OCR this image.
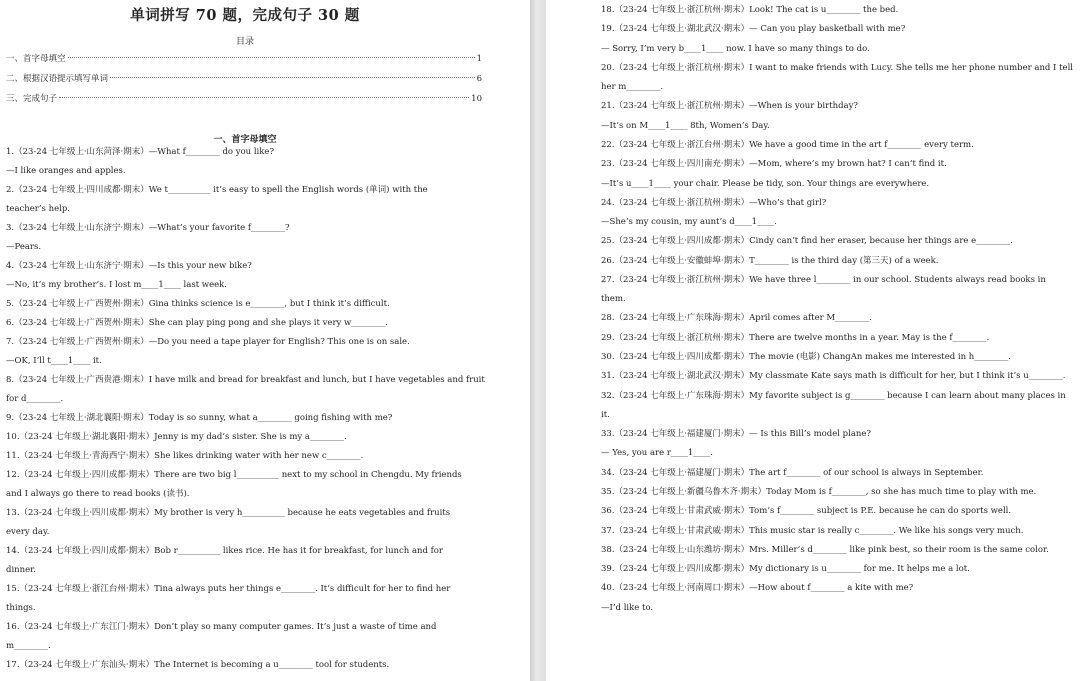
单词拼写 70 题，完成句子 30 题
目录
一、首字母填空	1
二、根据汉语提示填写单词	6
三、完成句子	10
一、首字母填空
1.（23-24 七年级上·山东菏泽·期末）—What f________ do you like?
—I like oranges and apples.
2.（23-24 七年级上·四川成都·期末）We t__________ it’s easy to spell the English words (单词) with the
teacher’s help.
3.（23-24 七年级上·山东济宁·期末）—What’s your favorite f________?
—Pears.
4.（23-24 七年级上·山东济宁·期末）—Is this your new bike?
—No, it’s my brother’s. I lost m____1____ last week.
5.（23-24 七年级上·广西贺州·期末）Gina thinks science is e________, but I think it’s difficult.
6.（23-24 七年级上·广西贺州·期末）She can play ping pong and she plays it very w________.
7.（23-24 七年级上·广西贺州·期末）—Do you need a tape player for English? This one is on sale.
—OK, I’ll t____1____ it.
8.（23-24 七年级上·广西贵港·期末）I have milk and bread for breakfast and lunch, but I have vegetables and fruit
for d________.
9.（23-24 七年级上·湖北襄阳·期末）Today is so sunny, what a________ going fishing with me?
10.（23-24 七年级上·湖北襄阳·期末）Jenny is my dad’s sister. She is my a________.
11.（23-24 七年级上·青海西宁·期末）She likes drinking water with her new c________.
12.（23-24 七年级上·四川成都·期末）There are two big l__________ next to my school in Chengdu. My friends
and I always go there to read books (读书).
13.（23-24 七年级上·四川成都·期末）My brother is very h__________ because he eats vegetables and fruits
every day.
14.（23-24 七年级上·四川成都·期末）Bob r__________ likes rice. He has it for breakfast, for lunch and for
dinner.
15.（23-24 七年级上·浙江台州·期末）Tina always puts her things e________. It’s difficult for her to find her
things.
16.（23-24 七年级上·广东江门·期末）Don’t play so many computer games. It’s just a waste of time and
m________.
17.（23-24 七年级上·广东汕头·期末）The Internet is becoming a u________ tool for students.
18.（23-24 七年级上·浙江杭州·期末）Look! The cat is u________ the bed.
19.（23-24 七年级上·湖北武汉·期末）— Can you play basketball with me?
— Sorry, I’m very b____1____ now. I have so many things to do.
20.（23-24 七年级上·浙江杭州·期末）I want to make friends with Lucy. She tells me her phone number and I tell
her m________.
21.（23-24 七年级上·浙江杭州·期末）—When is your birthday?
—It’s on M____1____ 8th, Women’s Day.
22.（23-24 七年级上·浙江台州·期末）We have a good time in the art f________ every term.
23.（23-24 七年级上·四川南充·期末）—Mom, where’s my brown hat? I can’t find it.
—It’s u____1____ your chair. Please be tidy, son. Your things are everywhere.
24.（23-24 七年级上·浙江杭州·期末）—Who’s that girl?
—She’s my cousin, my aunt’s d____1____.
25.（23-24 七年级上·四川成都·期末）Cindy can’t find her eraser, because her things are e________.
26.（23-24 七年级上·安徽蚌埠·期末）T________ is the third day (第三天) of a week.
27.（23-24 七年级上·浙江杭州·期末）We have three l________ in our school. Students always read books in
them.
28.（23-24 七年级上·广东珠海·期末）April comes after M________.
29.（23-24 七年级上·浙江杭州·期末）There are twelve months in a year. May is the f________.
30.（23-24 七年级上·四川成都·期末）The movie (电影) ChangAn makes me interested in h________.
31.（23-24 七年级上·湖北武汉·期末）My classmate Kate says math is difficult for her, but I think it’s u________.
32.（23-24 七年级上·广东珠海·期末）My favorite subject is g________ because I can learn about many places in
it.
33.（23-24 七年级上·福建厦门·期末）— Is this Bill’s model plane?
— Yes, you are r____1____.
34.（23-24 七年级上·福建厦门·期末）The art f________ of our school is always in September.
35.（23-24 七年级上·新疆乌鲁木齐·期末）Today Mom is f________, so she has much time to play with me.
36.（23-24 七年级上·甘肃武威·期末）Tom’s f________ subject is P.E. because he can do sports well.
37.（23-24 七年级上·甘肃武威·期末）This music star is really c________. We like his songs very much.
38.（23-24 七年级上·山东潍坊·期末）Mrs. Miller’s d________ like pink best, so their room is the same color.
39.（23-24 七年级上·四川成都·期末）My dictionary is u________ for me. It helps me a lot.
40.（23-24 七年级上·河南周口·期末）—How about f________ a kite with me?
—I’d like to.
